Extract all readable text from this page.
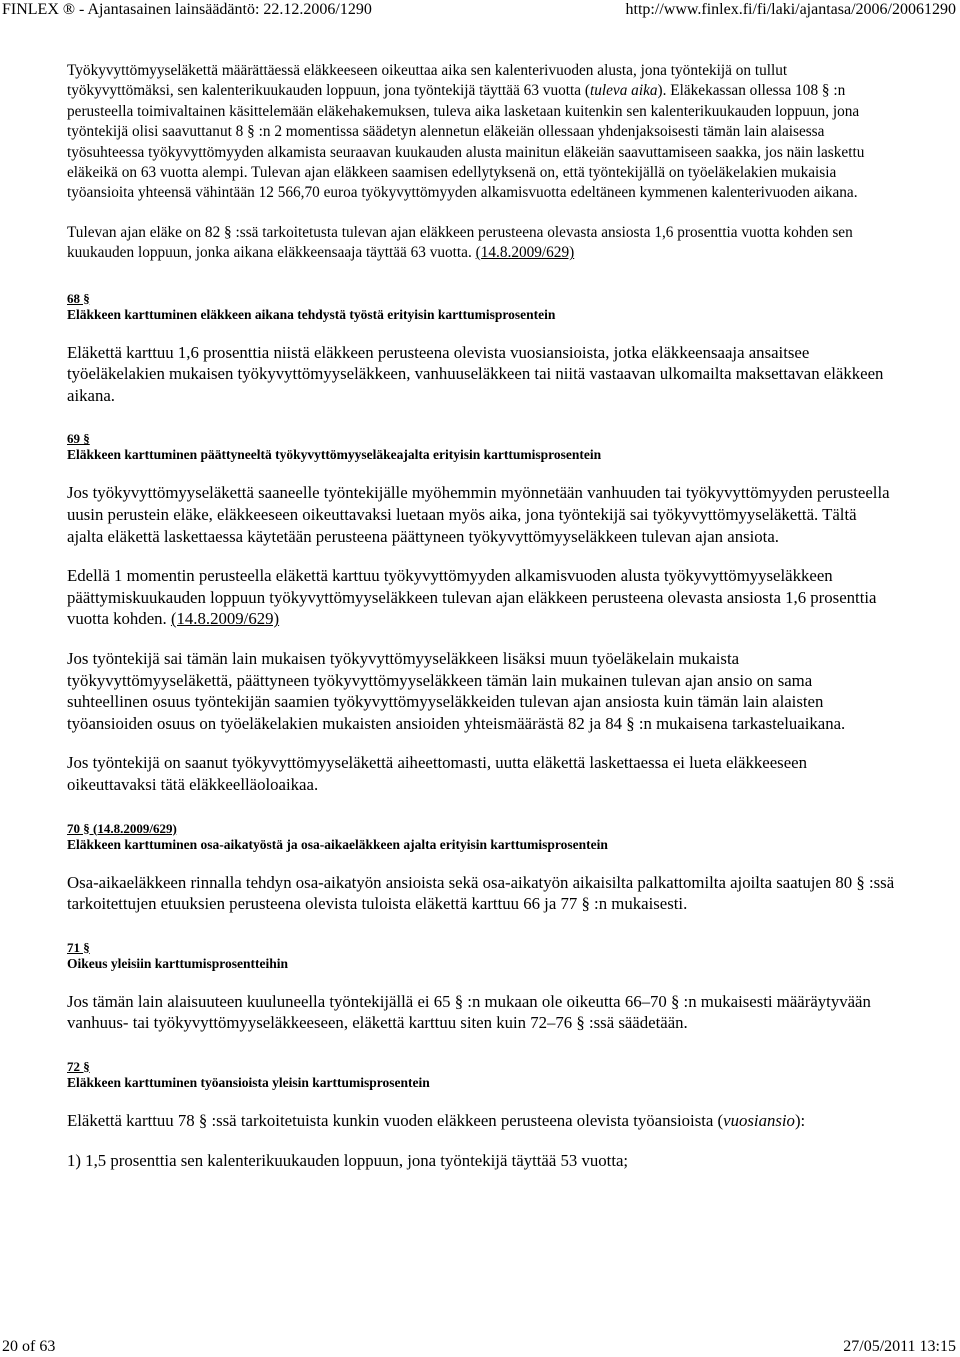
FINLEX ® - Ajantasainen lainsäädäntö: 22.12.2006/1290	http://www.finlex.fi/fi/laki/ajantasa/2006/20061290

Työkyvyttömyyseläkettä määrättäessä eläkkeeseen oikeuttaa aika sen kalenterivuoden alusta, jona työntekijä on tullut työkyvyttömäksi, sen kalenterikuukauden loppuun, jona työntekijä täyttää 63 vuotta (tuleva aika). Eläkekassan ollessa 108 § :n perusteella toimivaltainen käsittelemään eläkehakemuksen, tuleva aika lasketaan kuitenkin sen kalenterikuukauden loppuun, jona työntekijä olisi saavuttanut 8 § :n 2 momentissa säädetyn alennetun eläkeiän ollessaan yhdenjaksoisesti tämän lain alaisessa työsuhteessa työkyvyttömyyden alkamista seuraavan kuukauden alusta mainitun eläkeiän saavuttamiseen saakka, jos näin laskettu eläkeikä on 63 vuotta alempi. Tulevan ajan eläkkeen saamisen edellytyksenä on, että työntekijällä on työeläkelakien mukaisia työansioita yhteensä vähintään 12 566,70 euroa työkyvyttömyyden alkamisvuotta edeltäneen kymmenen kalenterivuoden aikana.

Tulevan ajan eläke on 82 § :ssä tarkoitetusta tulevan ajan eläkkeen perusteena olevasta ansiosta 1,6 prosenttia vuotta kohden sen kuukauden loppuun, jonka aikana eläkkeensaaja täyttää 63 vuotta. (14.8.2009/629)

68 §
Eläkkeen karttuminen eläkkeen aikana tehdystä työstä erityisin karttumisprosentein

Eläkettä karttuu 1,6 prosenttia niistä eläkkeen perusteena olevista vuosiansioista, jotka eläkkeensaaja ansaitsee työeläkelakien mukaisen työkyvyttömyyseläkkeen, vanhuuseläkkeen tai niitä vastaavan ulkomailta maksettavan eläkkeen aikana.

69 §
Eläkkeen karttuminen päättyneeltä työkyvyttömyyseläkeajalta erityisin karttumisprosentein

Jos työkyvyttömyyseläkettä saaneelle työntekijälle myöhemmin myönnetään vanhuuden tai työkyvyttömyyden perusteella uusin perustein eläke, eläkkeeseen oikeuttavaksi luetaan myös aika, jona työntekijä sai työkyvyttömyyseläkettä. Tältä ajalta eläkettä laskettaessa käytetään perusteena päättyneen työkyvyttömyyseläkkeen tulevan ajan ansiota.

Edellä 1 momentin perusteella eläkettä karttuu työkyvyttömyyden alkamisvuoden alusta työkyvyttömyyseläkkeen päättymiskuukauden loppuun työkyvyttömyyseläkkeen tulevan ajan eläkkeen perusteena olevasta ansiosta 1,6 prosenttia vuotta kohden. (14.8.2009/629)

Jos työntekijä sai tämän lain mukaisen työkyvyttömyyseläkkeen lisäksi muun työeläkelain mukaista työkyvyttömyyseläkettä, päättyneen työkyvyttömyyseläkkeen tämän lain mukainen tulevan ajan ansio on sama suhteellinen osuus työntekijän saamien työkyvyttömyyseläkkeiden tulevan ajan ansiosta kuin tämän lain alaisten työansioiden osuus on työeläkelakien mukaisten ansioiden yhteismäärästä 82 ja 84 § :n mukaisena tarkasteluaikana.

Jos työntekijä on saanut työkyvyttömyyseläkettä aiheettomasti, uutta eläkettä laskettaessa ei lueta eläkkeeseen oikeuttavaksi tätä eläkkeelläoloaikaa.

70 § (14.8.2009/629)
Eläkkeen karttuminen osa-aikatyöstä ja osa-aikaeläkkeen ajalta erityisin karttumisprosentein

Osa-aikaeläkkeen rinnalla tehdyn osa-aikatyön ansioista sekä osa-aikatyön aikaisilta palkattomilta ajoilta saatujen 80 § :ssä tarkoitettujen etuuksien perusteena olevista tuloista eläkettä karttuu 66 ja 77 § :n mukaisesti.

71 §
Oikeus yleisiin karttumisprosentteihin

Jos tämän lain alaisuuteen kuuluneella työntekijällä ei 65 § :n mukaan ole oikeutta 66–70 § :n mukaisesti määräytyvään vanhuus- tai työkyvyttömyyseläkkeeseen, eläkettä karttuu siten kuin 72–76 § :ssä säädetään.

72 §
Eläkkeen karttuminen työansioista yleisin karttumisprosentein

Eläkettä karttuu 78 § :ssä tarkoitetuista kunkin vuoden eläkkeen perusteena olevista työansioista (vuosiansio):

1) 1,5 prosenttia sen kalenterikuukauden loppuun, jona työntekijä täyttää 53 vuotta;

20 of 63	27/05/2011 13:15
